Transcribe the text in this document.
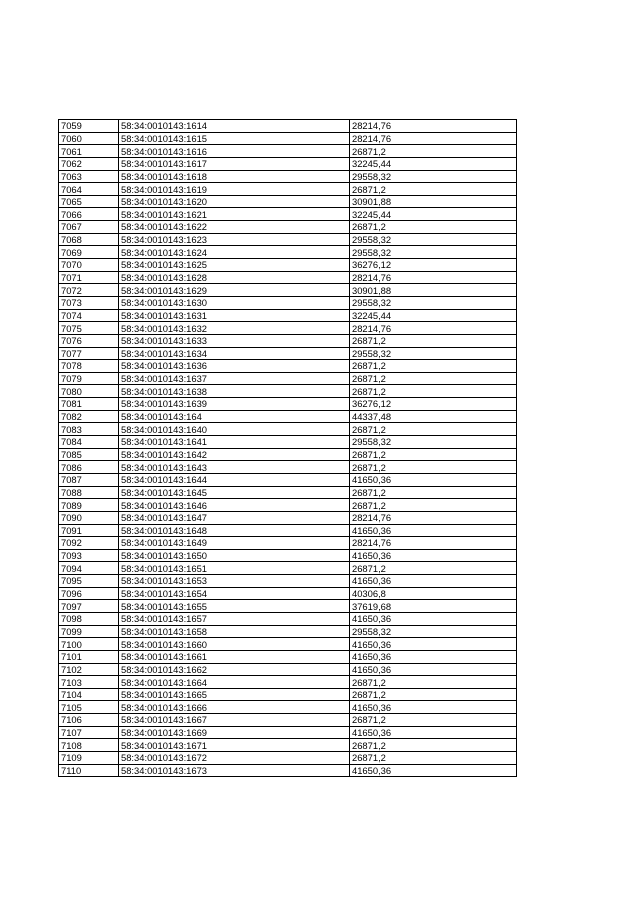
7059	58:34:0010143:1614	28214,76
7060	58:34:0010143:1615	28214,76
7061	58:34:0010143:1616	26871,2
7062	58:34:0010143:1617	32245,44
7063	58:34:0010143:1618	29558,32
7064	58:34:0010143:1619	26871,2
7065	58:34:0010143:1620	30901,88
7066	58:34:0010143:1621	32245,44
7067	58:34:0010143:1622	26871,2
7068	58:34:0010143:1623	29558,32
7069	58:34:0010143:1624	29558,32
7070	58:34:0010143:1625	36276,12
7071	58:34:0010143:1628	28214,76
7072	58:34:0010143:1629	30901,88
7073	58:34:0010143:1630	29558,32
7074	58:34:0010143:1631	32245,44
7075	58:34:0010143:1632	28214,76
7076	58:34:0010143:1633	26871,2
7077	58:34:0010143:1634	29558,32
7078	58:34:0010143:1636	26871,2
7079	58:34:0010143:1637	26871,2
7080	58:34:0010143:1638	26871,2
7081	58:34:0010143:1639	36276,12
7082	58:34:0010143:164	44337,48
7083	58:34:0010143:1640	26871,2
7084	58:34:0010143:1641	29558,32
7085	58:34:0010143:1642	26871,2
7086	58:34:0010143:1643	26871,2
7087	58:34:0010143:1644	41650,36
7088	58:34:0010143:1645	26871,2
7089	58:34:0010143:1646	26871,2
7090	58:34:0010143:1647	28214,76
7091	58:34:0010143:1648	41650,36
7092	58:34:0010143:1649	28214,76
7093	58:34:0010143:1650	41650,36
7094	58:34:0010143:1651	26871,2
7095	58:34:0010143:1653	41650,36
7096	58:34:0010143:1654	40306,8
7097	58:34:0010143:1655	37619,68
7098	58:34:0010143:1657	41650,36
7099	58:34:0010143:1658	29558,32
7100	58:34:0010143:1660	41650,36
7101	58:34:0010143:1661	41650,36
7102	58:34:0010143:1662	41650,36
7103	58:34:0010143:1664	26871,2
7104	58:34:0010143:1665	26871,2
7105	58:34:0010143:1666	41650,36
7106	58:34:0010143:1667	26871,2
7107	58:34:0010143:1669	41650,36
7108	58:34:0010143:1671	26871,2
7109	58:34:0010143:1672	26871,2
7110	58:34:0010143:1673	41650,36
